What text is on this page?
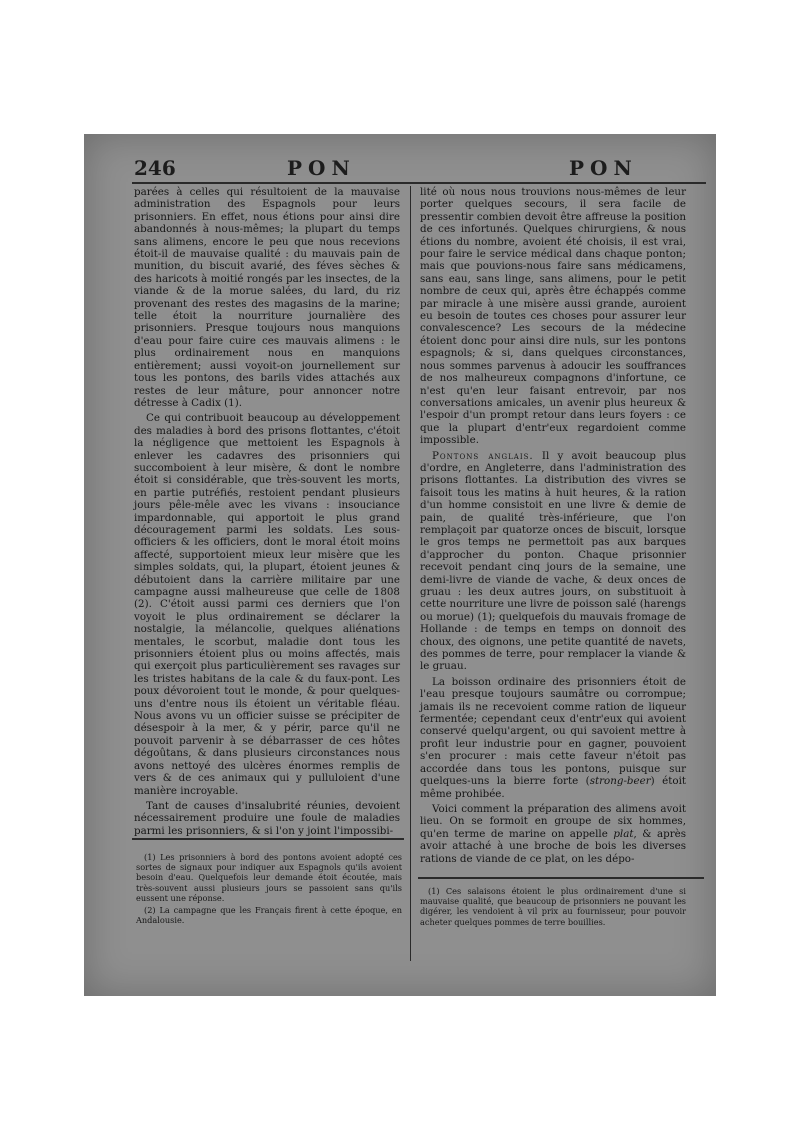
246	PON	PON

parées à celles qui résultoient de la mauvaise administration des Espagnols pour leurs prisonniers. En effet, nous étions pour ainsi dire abandonnés à nous-mêmes; la plupart du temps sans alimens, encore le peu que nous recevions étoit-il de mauvaise qualité : du mauvais pain de munition, du biscuit avarié, des féves sèches & des haricots à moitié rongés par les insectes, de la viande & de la morue salées, du lard, du riz provenant des restes des magasins de la marine; telle étoit la nourriture journalière des prisonniers. Presque toujours nous manquions d'eau pour faire cuire ces mauvais alimens : le plus ordinairement nous en manquions entièrement; aussi voyoit-on journellement sur tous les pontons, des barils vides attachés aux restes de leur mâture, pour annoncer notre détresse à Cadix (1).

Ce qui contribuoit beaucoup au développement des maladies à bord des prisons flottantes, c'étoit la négligence que mettoient les Espagnols à enlever les cadavres des prisonniers qui succomboient à leur misère, & dont le nombre étoit si considérable, que très-souvent les morts, en partie putréfiés, restoient pendant plusieurs jours pêle-mêle avec les vivans : insouciance impardonnable, qui apportoit le plus grand découragement parmi les soldats. Les sous-officiers & les officiers, dont le moral étoit moins affecté, supportoient mieux leur misère que les simples soldats, qui, la plupart, étoient jeunes & débutoient dans la carrière militaire par une campagne aussi malheureuse que celle de 1808 (2). C'étoit aussi parmi ces derniers que l'on voyoit le plus ordinairement se déclarer la nostalgie, la mélancolie, quelques aliénations mentales, le scorbut, maladie dont tous les prisonniers étoient plus ou moins affectés, mais qui exerçoit plus particulièrement ses ravages sur les tristes habitans de la cale & du faux-pont. Les poux dévoroient tout le monde, & pour quelques-uns d'entre nous ils étoient un véritable fléau. Nous avons vu un officier suisse se précipiter de désespoir à la mer, & y périr, parce qu'il ne pouvoit parvenir à se débarrasser de ces hôtes dégoûtans, & dans plusieurs circonstances nous avons nettoyé des ulcères énormes remplis de vers & de ces animaux qui y pulluloient d'une manière incroyable.

Tant de causes d'insalubrité réunies, devoient nécessairement produire une foule de maladies parmi les prisonniers, & si l'on y joint l'impossibi-

(1) Les prisonniers à bord des pontons avoient adopté ces sortes de signaux pour indiquer aux Espagnols qu'ils avoient besoin d'eau. Quelquefois leur demande étoit écoutée, mais très-souvent aussi plusieurs jours se passoient sans qu'ils eussent une réponse.

(2) La campagne que les Français firent à cette époque, en Andalousie.

lité où nous nous trouvions nous-mêmes de leur porter quelques secours, il sera facile de pressentir combien devoit être affreuse la position de ces infortunés. Quelques chirurgiens, & nous étions du nombre, avoient été choisis, il est vrai, pour faire le service médical dans chaque ponton; mais que pouvions-nous faire sans médicamens, sans eau, sans linge, sans alimens, pour le petit nombre de ceux qui, après être échappés comme par miracle à une misère aussi grande, auroient eu besoin de toutes ces choses pour assurer leur convalescence? Les secours de la médecine étoient donc pour ainsi dire nuls, sur les pontons espagnols; & si, dans quelques circonstances, nous sommes parvenus à adoucir les souffrances de nos malheureux compagnons d'infortune, ce n'est qu'en leur faisant entrevoir, par nos conversations amicales, un avenir plus heureux & l'espoir d'un prompt retour dans leurs foyers : ce que la plupart d'entr'eux regardoient comme impossible.

Pontons anglais. Il y avoit beaucoup plus d'ordre, en Angleterre, dans l'administration des prisons flottantes. La distribution des vivres se faisoit tous les matins à huit heures, & la ration d'un homme consistoit en une livre & demie de pain, de qualité très-inférieure, que l'on remplaçoit par quatorze onces de biscuit, lorsque le gros temps ne permettoit pas aux barques d'approcher du ponton. Chaque prisonnier recevoit pendant cinq jours de la semaine, une demi-livre de viande de vache, & deux onces de gruau : les deux autres jours, on substituoit à cette nourriture une livre de poisson salé (harengs ou morue) (1); quelquefois du mauvais fromage de Hollande : de temps en temps on donnoit des choux, des oignons, une petite quantité de navets, des pommes de terre, pour remplacer la viande & le gruau.

La boisson ordinaire des prisonniers étoit de l'eau presque toujours saumâtre ou corrompue; jamais ils ne recevoient comme ration de liqueur fermentée; cependant ceux d'entr'eux qui avoient conservé quelqu'argent, ou qui savoient mettre à profit leur industrie pour en gagner, pouvoient s'en procurer : mais cette faveur n'étoit pas accordée dans tous les pontons, puisque sur quelques-uns la bierre forte (strong-beer) étoit même prohibée.

Voici comment la préparation des alimens avoit lieu. On se formoit en groupe de six hommes, qu'en terme de marine on appelle plat, & après avoir attaché à une broche de bois les diverses rations de viande de ce plat, on les dépo-

(1) Ces salaisons étoient le plus ordinairement d'une si mauvaise qualité, que beaucoup de prisonniers ne pouvant les digérer, les vendoient à vil prix au fournisseur, pour pouvoir acheter quelques pommes de terre bouillies.
